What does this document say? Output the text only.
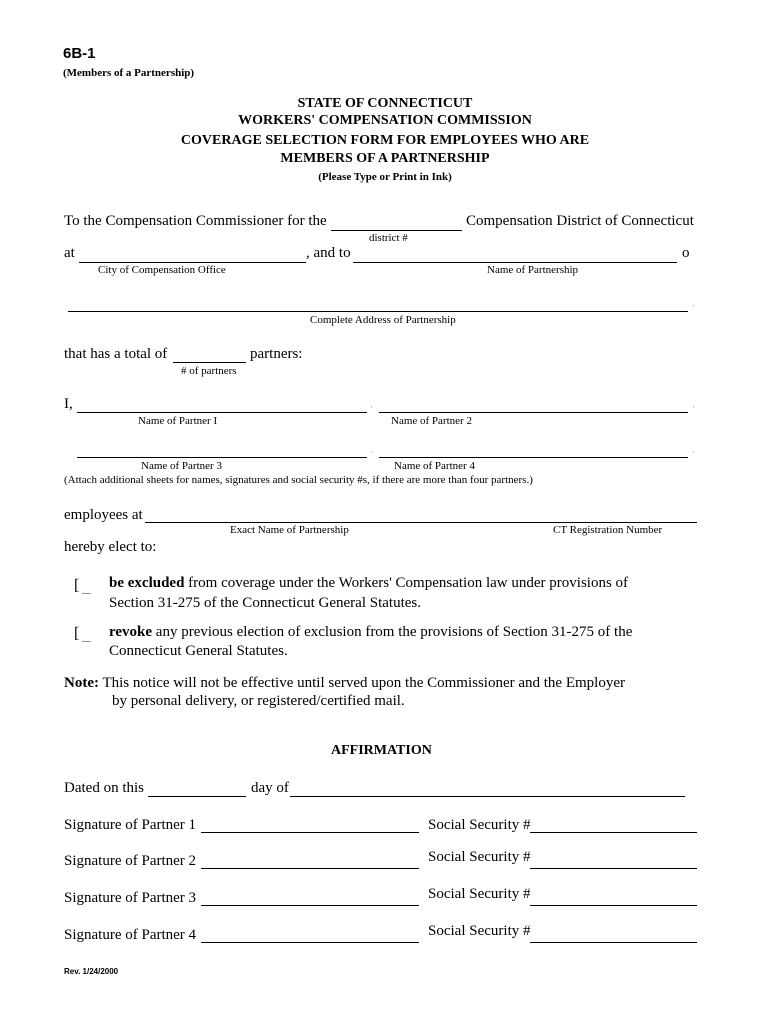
6B-1
(Members of a Partnership)
STATE OF CONNECTICUT
WORKERS' COMPENSATION COMMISSION
COVERAGE SELECTION FORM FOR EMPLOYEES WHO ARE
MEMBERS OF A PARTNERSHIP
(Please Type or Print in Ink)
To the Compensation Commissioner for the	Compensation District of Connecticut
district #
at	, and to	o
City of Compensation Office	Name of Partnership
'
Complete Address of Partnership
that has a total of	partners:
# of partners
I,	'	'
Name of Partner I	Name of Partner 2
'	'
Name of Partner 3	Name of Partner 4
(Attach additional sheets for names, signatures and social security #s, if there are more than four partners.)
employees at
Exact Name of Partnership	CT Registration Number
hereby elect to:
[ be excluded from coverage under the Workers' Compensation law under provisions of
Section 31-275 of the Connecticut General Statutes.
[ revoke any previous election of exclusion from the provisions of Section 31-275 of the
Connecticut General Statutes.
Note: This notice will not be effective until served upon the Commissioner and the Employer
by personal delivery, or registered/certified mail.
AFFIRMATION
Dated on this	day of
Signature of Partner 1	Social Security #
Signature of Partner 2	Social Security #
Signature of Partner 3	Social Security #
Signature of Partner 4	Social Security #
Rev. 1/24/2000
